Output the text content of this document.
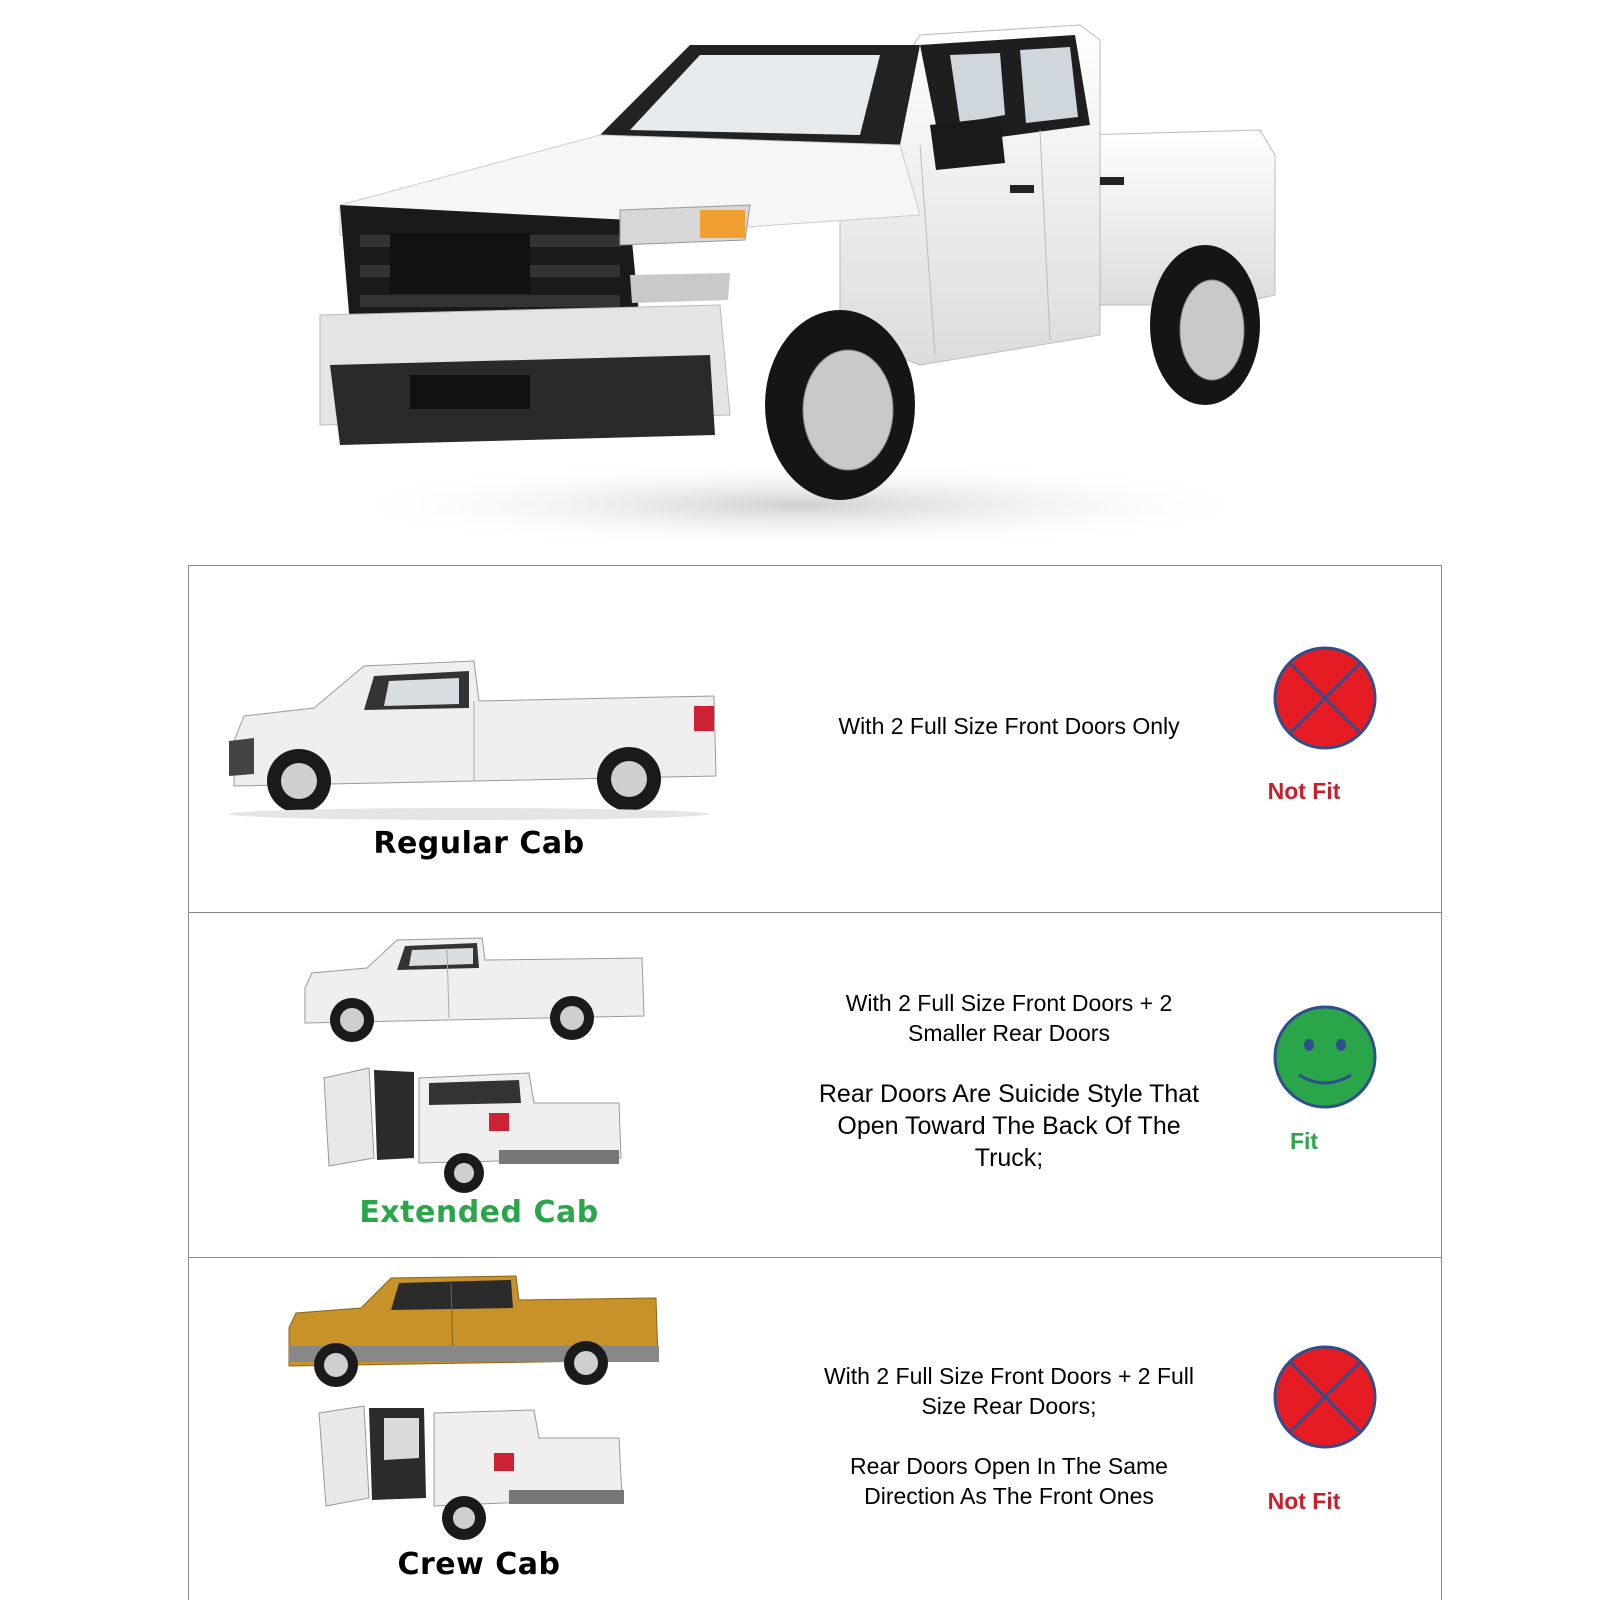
Regular Cab

With 2 Full Size Front Doors Only

Not Fit
Extended Cab

With 2 Full Size Front Doors + 2 Smaller Rear Doors

Rear Doors Are Suicide Style That Open Toward The Back Of The Truck;

Fit
Crew Cab

With 2 Full Size Front Doors + 2 Full Size Rear Doors;

Rear Doors Open In The Same Direction As The Front Ones	Not Fit
